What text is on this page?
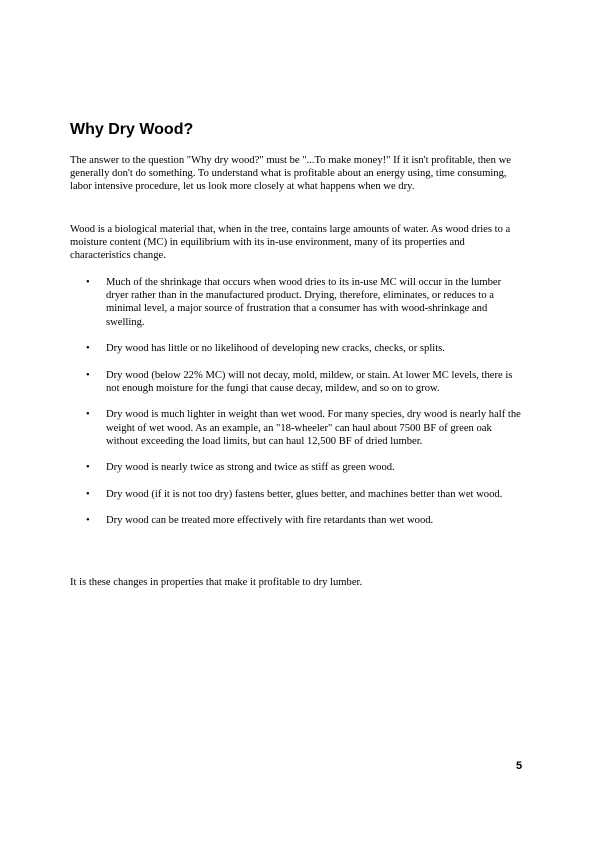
Why Dry Wood?

The answer to the question "Why dry wood?" must be "...To make money!" If it isn't profitable, then we generally don't do something. To understand what is profitable about an energy using, time consuming, labor intensive procedure, let us look more closely at what happens when we dry.

Wood is a biological material that, when in the tree, contains large amounts of water. As wood dries to a moisture content (MC) in equilibrium with its in-use environment, many of its properties and characteristics change.

• Much of the shrinkage that occurs when wood dries to its in-use MC will occur in the lumber dryer rather than in the manufactured product. Drying, therefore, eliminates, or reduces to a minimal level, a major source of frustration that a consumer has with wood-shrinkage and swelling.
• Dry wood has little or no likelihood of developing new cracks, checks, or splits.
• Dry wood (below 22% MC) will not decay, mold, mildew, or stain. At lower MC levels, there is not enough moisture for the fungi that cause decay, mildew, and so on to grow.
• Dry wood is much lighter in weight than wet wood. For many species, dry wood is nearly half the weight of wet wood. As an example, an "18-wheeler" can haul about 7500 BF of green oak without exceeding the load limits, but can haul 12,500 BF of dried lumber.
• Dry wood is nearly twice as strong and twice as stiff as green wood.
• Dry wood (if it is not too dry) fastens better, glues better, and machines better than wet wood.
• Dry wood can be treated more effectively with fire retardants than wet wood.

It is these changes in properties that make it profitable to dry lumber.

5
